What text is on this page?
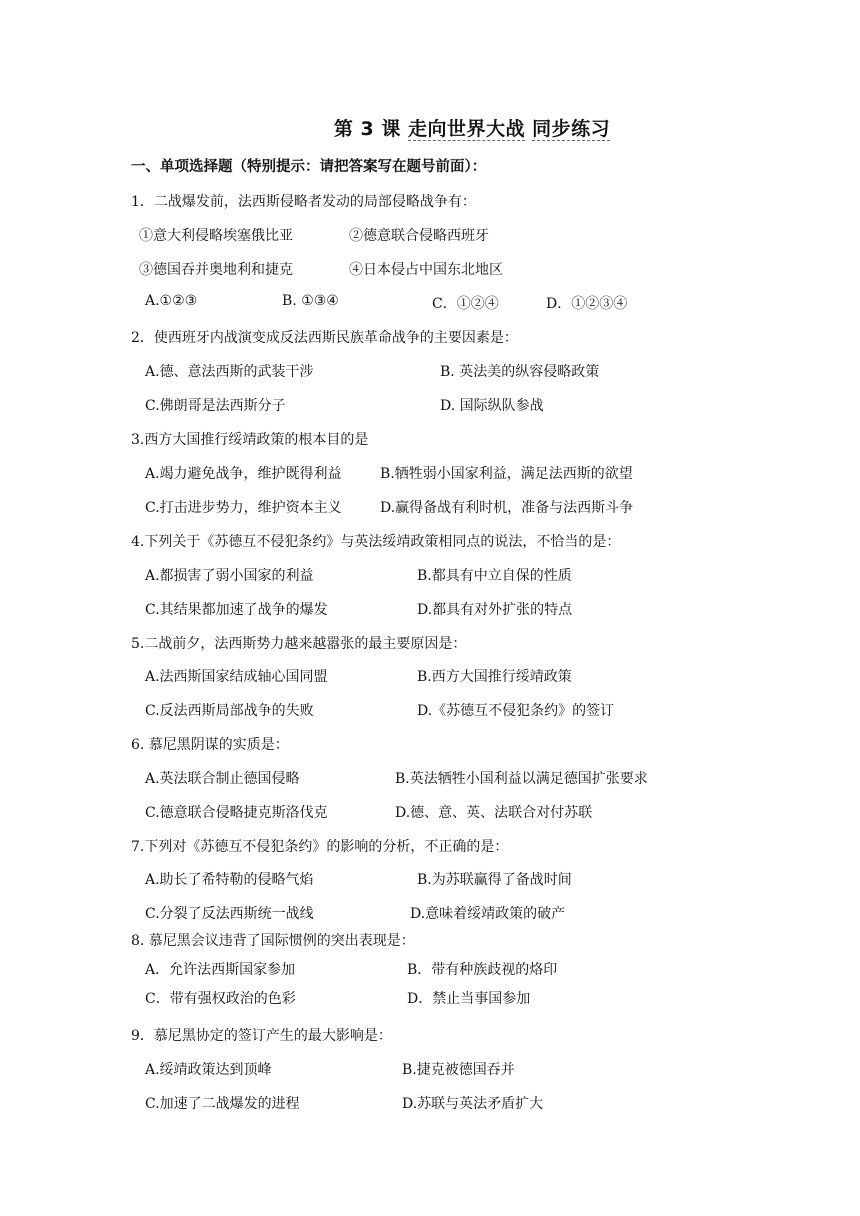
第 3 课 走向世界大战 同步练习
一、单项选择题（特别提示：请把答案写在题号前面）：
1．二战爆发前，法西斯侵略者发动的局部侵略战争有：
①意大利侵略埃塞俄比亚	②德意联合侵略西班牙
③德国吞并奥地利和捷克	④日本侵占中国东北地区
A.①②③	B. ①③④	C．①②④	D．①②③④
2．使西班牙内战演变成反法西斯民族革命战争的主要因素是：
A.德、意法西斯的武装干涉	B. 英法美的纵容侵略政策
C.佛朗哥是法西斯分子	D. 国际纵队参战
3.西方大国推行绥靖政策的根本目的是
A.竭力避免战争，维护既得利益	B.牺牲弱小国家利益，满足法西斯的欲望
C.打击进步势力，维护资本主义	D.赢得备战有利时机，准备与法西斯斗争
4.下列关于《苏德互不侵犯条约》与英法绥靖政策相同点的说法，不恰当的是：
A.都损害了弱小国家的利益	B.都具有中立自保的性质
C.其结果都加速了战争的爆发	D.都具有对外扩张的特点
5.二战前夕，法西斯势力越来越嚣张的最主要原因是：
A.法西斯国家结成轴心国同盟	B.西方大国推行绥靖政策
C.反法西斯局部战争的失败	D.《苏德互不侵犯条约》的签订
6. 慕尼黑阴谋的实质是：
A.英法联合制止德国侵略	B.英法牺牲小国利益以满足德国扩张要求
C.德意联合侵略捷克斯洛伐克	D.德、意、英、法联合对付苏联
7.下列对《苏德互不侵犯条约》的影响的分析，不正确的是：
A.助长了希特勒的侵略气焰	B.为苏联赢得了备战时间
C.分裂了反法西斯统一战线	D.意味着绥靖政策的破产
8. 慕尼黑会议违背了国际惯例的突出表现是：
A．允许法西斯国家参加	B．带有种族歧视的烙印
C．带有强权政治的色彩	D．禁止当事国参加
9．慕尼黑协定的签订产生的最大影响是：
A.绥靖政策达到顶峰	B.捷克被德国吞并
C.加速了二战爆发的进程	D.苏联与英法矛盾扩大
